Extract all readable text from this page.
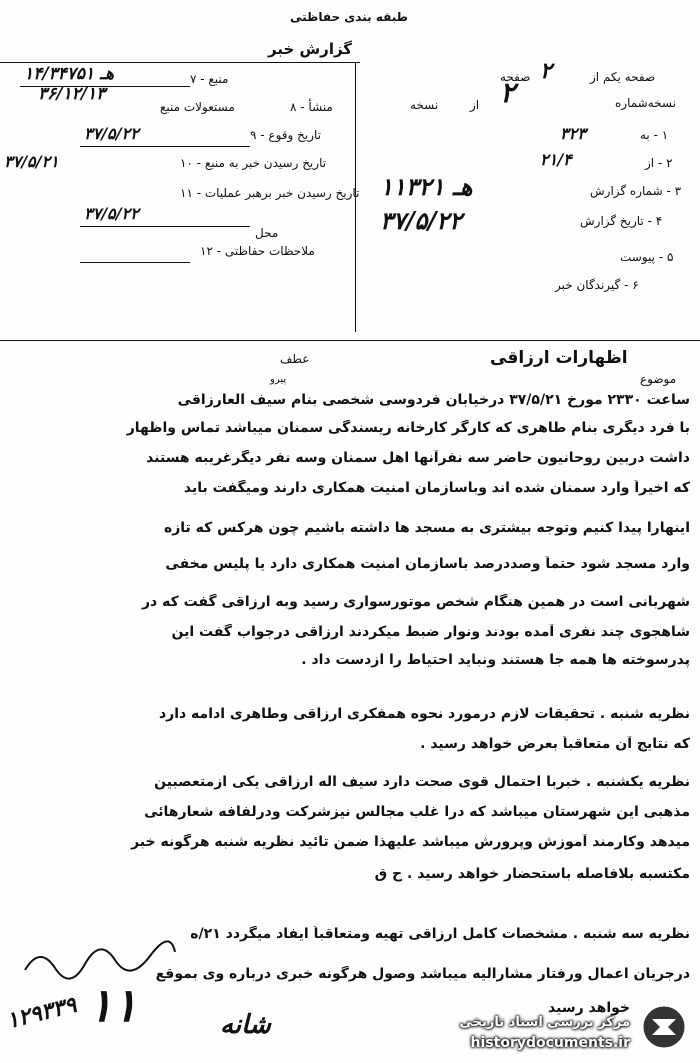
طبقه بندی حفاظتی
گزارش خبر
منبع - ۷
۱۴/۳۴۷۵۱ هـ
منشأ - ۸
۳۶/۱۲/۱۳
مستعولات منبع
تاریخ وقوع - ۹
۳۷/۵/۲۲
تاریخ رسیدن خبر به منبع - ۱۰
۳۷/۵/۲۱
تاریخ رسیدن خبر برهبر عملیات - ۱۱
۳۷/۵/۲۲
محل
ملاحظات حفاظتی - ۱۲
صفحه یکم از
۲
صفحه
نسخه‌شماره
۲
از
نسخه
۱ - به
۳۲۳
۲ - از
۲۱/۴
۳ - شماره گزارش
۱۱۳۲۱ هـ
۴ - تاریخ گزارش
۳۷/۵/۲۲
۵ - پیوست
۶ - گیرندگان خبر
موضوع
اظهارات ارزاقی
عطف
پیرو
ساعت ۲۳۳۰ مورخ ۳۷/۵/۲۱ درخیابان فردوسی شخصی بنام سیف العارزاقی
با فرد دیگری بنام طاهری که کارگر کارخانه ریسندگی سمنان میباشد تماس واظهار
داشت دربین روحانیون حاضر سه نفرآنها اهل سمنان وسه نفر دیگرغریبه هستند
که اخیراً وارد سمنان شده اند وباسازمان امنیت همکاری دارند ومیگفت باید
اینهارا پیدا کنیم وتوجه بیشتری به مسجد ها داشته باشیم چون هرکس که تازه
وارد مسجد شود حتماً وصددرصد باسازمان امنیت همکاری دارد یا پلیس مخفی
شهربانی است در همین هنگام شخص موتورسواری رسید وبه ارزاقی گفت که در
شاهجوی چند نفری آمده بودند ونوار ضبط میکردند ارزاقی درجواب گفت این
پدرسوخته ها همه جا هستند ونباید احتیاط را ازدست داد .
نظریه شنبه . تحقیقات لازم درمورد نحوه همفکری ارزاقی وطاهری ادامه دارد
که نتایج آن متعاقباً بعرض خواهد رسید .
نظریه یکشنبه . خبربا احتمال قوی صحت دارد سیف اله ارزاقی یکی ازمتعصبین
مذهبی این شهرستان میباشد که درا غلب مجالس نیزشرکت ودرلفافه شعارهائی
میدهد وکارمند آموزش وپرورش میباشد علیهذا ضمن تائید نظریه شنبه هرگونه خبر
مکتسبه بلافاصله باستحضار خواهد رسید . ح ق
نظریه سه شنبه . مشخصات کامل ارزاقی تهیه ومتعاقباً ایفاد میگردد ۲۱/ه
درجریان اعمال ورفتار مشارالیه میباشد وصول هرگونه خبری درباره وی بموقع
خواهد رسید
۱۲۹۳۳۹ ۱۱	شانه	مرکز بررسی اسناد تاریخی
historydocuments.ir
